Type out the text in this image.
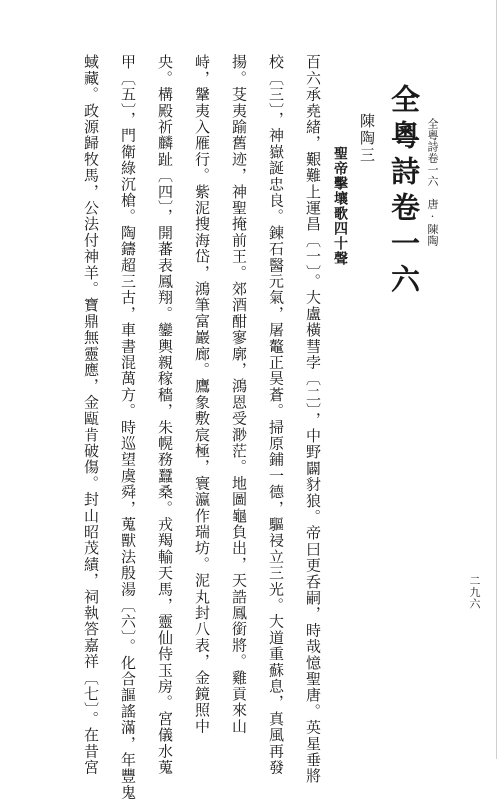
全粵詩卷一六　唐·陳陶
二九六
全粵詩卷一六
陳陶三
聖帝擊壤歌四十聲
百六承堯緒，艱難上運昌〔一〕。大盧橫彗孛〔二〕，中野闢豺狼。帝曰更呑嗣，時哉憶聖唐。英星垂將
校〔三〕，神嶽誕忠良。錬石醫元氣，屠鼇正昊蒼。掃原鋪一德，驅祲立三光。大道重蘇息，真風再發
揚。芟夷踰舊迹，神聖掩前王。郊酒酣寥廓，鴻恩受渺茫。地圖龜負出，天誥鳳銜將。雞貢來山
峙，鞶夷入雁行。紫泥搜海岱，鴻筆富巖廊。鷹象敷宸極，寰瀛作瑞坊。泥丸封八表，金鏡照中
央。構殿祈麟趾〔四〕，開蕃表鳳翔。鑾輿親稼穡，朱幌務蠶桑。戎羯輸天馬，靈仙侍玉房。宮儀水蒐
甲〔五〕，門衛綠沉槍。陶鑄超三古，車書混萬方。時巡望虞舜，蒐獸法殷湯〔六〕。化合謳謠滿，年豐鬼
蜮藏。政源歸牧馬，公法付神羊。寶鼎無靈應，金甌肯破傷。封山昭茂績，祠執答嘉祥〔七〕。在昔宮
